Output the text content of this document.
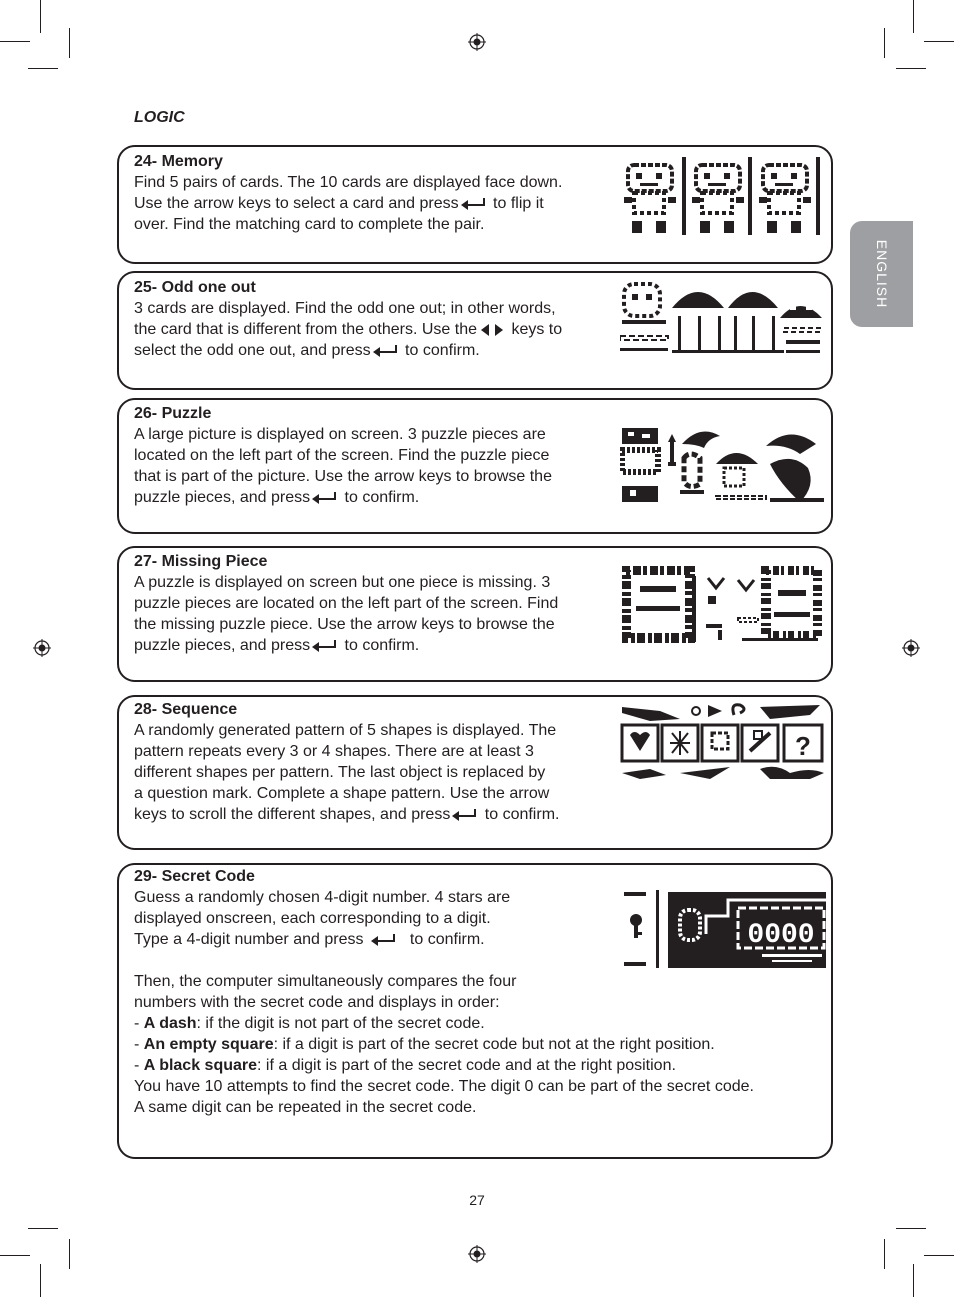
LOGIC
ENGLISH

24- Memory

Find 5 pairs of cards. The 10 cards are displayed face down.

Use the arrow keys to select a card and press to flip it

over. Find the matching card to complete the pair.

25- Odd one out

3 cards are displayed. Find the odd one out; in other words,

the card that is different from the others. Use the keys to

select the odd one out, and press to confirm.

26- Puzzle

A large picture is displayed on screen. 3 puzzle pieces are

located on the left part of the screen. Find the puzzle piece

that is part of the picture. Use the arrow keys to browse the

puzzle pieces, and press to confirm.

27- Missing Piece

A puzzle is displayed on screen but one piece is missing. 3

puzzle pieces are located on the left part of the screen. Find

the missing puzzle piece. Use the arrow keys to browse the

puzzle pieces, and press to confirm.

28- Sequence

A randomly generated pattern of 5 shapes is displayed. The

pattern repeats every 3 or 4 shapes. There are at least 3

different shapes per pattern. The last object is replaced by

a question mark. Complete a shape pattern. Use the arrow

keys to scroll the different shapes, and press to confirm.

?

29- Secret Code

Guess a randomly chosen 4-digit number. 4 stars are

displayed onscreen, each corresponding to a digit.

Type a 4-digit number and press	to confirm.

Then, the computer simultaneously compares the four

numbers with the secret code and displays in order:

- A dash: if the digit is not part of the secret code.

- An empty square: if a digit is part of the secret code but not at the right position.

- A black square: if a digit is part of the secret code and at the right position.

You have 10 attempts to find the secret code. The digit 0 can be part of the secret code.

A same digit can be repeated in the secret code.

0000
27
